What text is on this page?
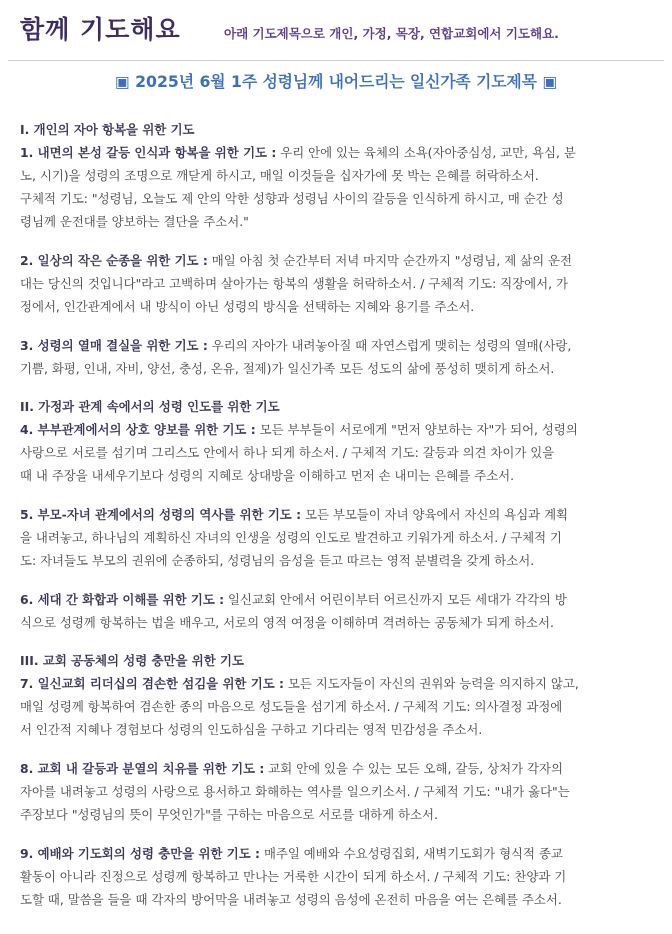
함께 기도해요	아래 기도제목으로 개인, 가정, 목장, 연합교회에서 기도해요.
▣ 2025년 6월 1주 성령님께 내어드리는 일신가족 기도제목 ▣
I. 개인의 자아 항복을 위한 기도
1. 내면의 본성 갈등 인식과 항복을 위한 기도 : 우리 안에 있는 육체의 소욕(자아중심성, 교만, 욕심, 분
노, 시기)을 성령의 조명으로 깨닫게 하시고, 매일 이것들을 십자가에 못 박는 은혜를 허락하소서.
구체적 기도: "성령님, 오늘도 제 안의 악한 성향과 성령님 사이의 갈등을 인식하게 하시고, 매 순간 성
령님께 운전대를 양보하는 결단을 주소서."
2. 일상의 작은 순종을 위한 기도 : 매일 아침 첫 순간부터 저녁 마지막 순간까지 "성령님, 제 삶의 운전
대는 당신의 것입니다"라고 고백하며 살아가는 항복의 생활을 허락하소서. / 구체적 기도: 직장에서, 가
정에서, 인간관계에서 내 방식이 아닌 성령의 방식을 선택하는 지혜와 용기를 주소서.
3. 성령의 열매 결실을 위한 기도 : 우리의 자아가 내려놓아질 때 자연스럽게 맺히는 성령의 열매(사랑,
기쁨, 화평, 인내, 자비, 양선, 충성, 온유, 절제)가 일신가족 모든 성도의 삶에 풍성히 맺히게 하소서.
II. 가정과 관계 속에서의 성령 인도를 위한 기도
4. 부부관계에서의 상호 양보를 위한 기도 : 모든 부부들이 서로에게 "먼저 양보하는 자"가 되어, 성령의
사랑으로 서로를 섬기며 그리스도 안에서 하나 되게 하소서. / 구체적 기도: 갈등과 의견 차이가 있을
때 내 주장을 내세우기보다 성령의 지혜로 상대방을 이해하고 먼저 손 내미는 은혜를 주소서.
5. 부모-자녀 관계에서의 성령의 역사를 위한 기도 : 모든 부모들이 자녀 양육에서 자신의 욕심과 계획
을 내려놓고, 하나님의 계획하신 자녀의 인생을 성령의 인도로 발견하고 키워가게 하소서. / 구체적 기
도: 자녀들도 부모의 권위에 순종하되, 성령님의 음성을 듣고 따르는 영적 분별력을 갖게 하소서.
6. 세대 간 화합과 이해를 위한 기도 : 일신교회 안에서 어린이부터 어르신까지 모든 세대가 각각의 방
식으로 성령께 항복하는 법을 배우고, 서로의 영적 여정을 이해하며 격려하는 공동체가 되게 하소서.
III. 교회 공동체의 성령 충만을 위한 기도
7. 일신교회 리더십의 겸손한 섬김을 위한 기도 : 모든 지도자들이 자신의 권위와 능력을 의지하지 않고,
매일 성령께 항복하여 겸손한 종의 마음으로 성도들을 섬기게 하소서. / 구체적 기도: 의사결정 과정에
서 인간적 지혜나 경험보다 성령의 인도하심을 구하고 기다리는 영적 민감성을 주소서.
8. 교회 내 갈등과 분열의 치유를 위한 기도 : 교회 안에 있을 수 있는 모든 오해, 갈등, 상처가 각자의
자아를 내려놓고 성령의 사랑으로 용서하고 화해하는 역사를 일으키소서. / 구체적 기도: "내가 옳다"는
주장보다 "성령님의 뜻이 무엇인가"를 구하는 마음으로 서로를 대하게 하소서.
9. 예배와 기도회의 성령 충만을 위한 기도 : 매주일 예배와 수요성령집회, 새벽기도회가 형식적 종교
활동이 아니라 진정으로 성령께 항복하고 만나는 거룩한 시간이 되게 하소서. / 구체적 기도: 찬양과 기
도할 때, 말씀을 들을 때 각자의 방어막을 내려놓고 성령의 음성에 온전히 마음을 여는 은혜를 주소서.
